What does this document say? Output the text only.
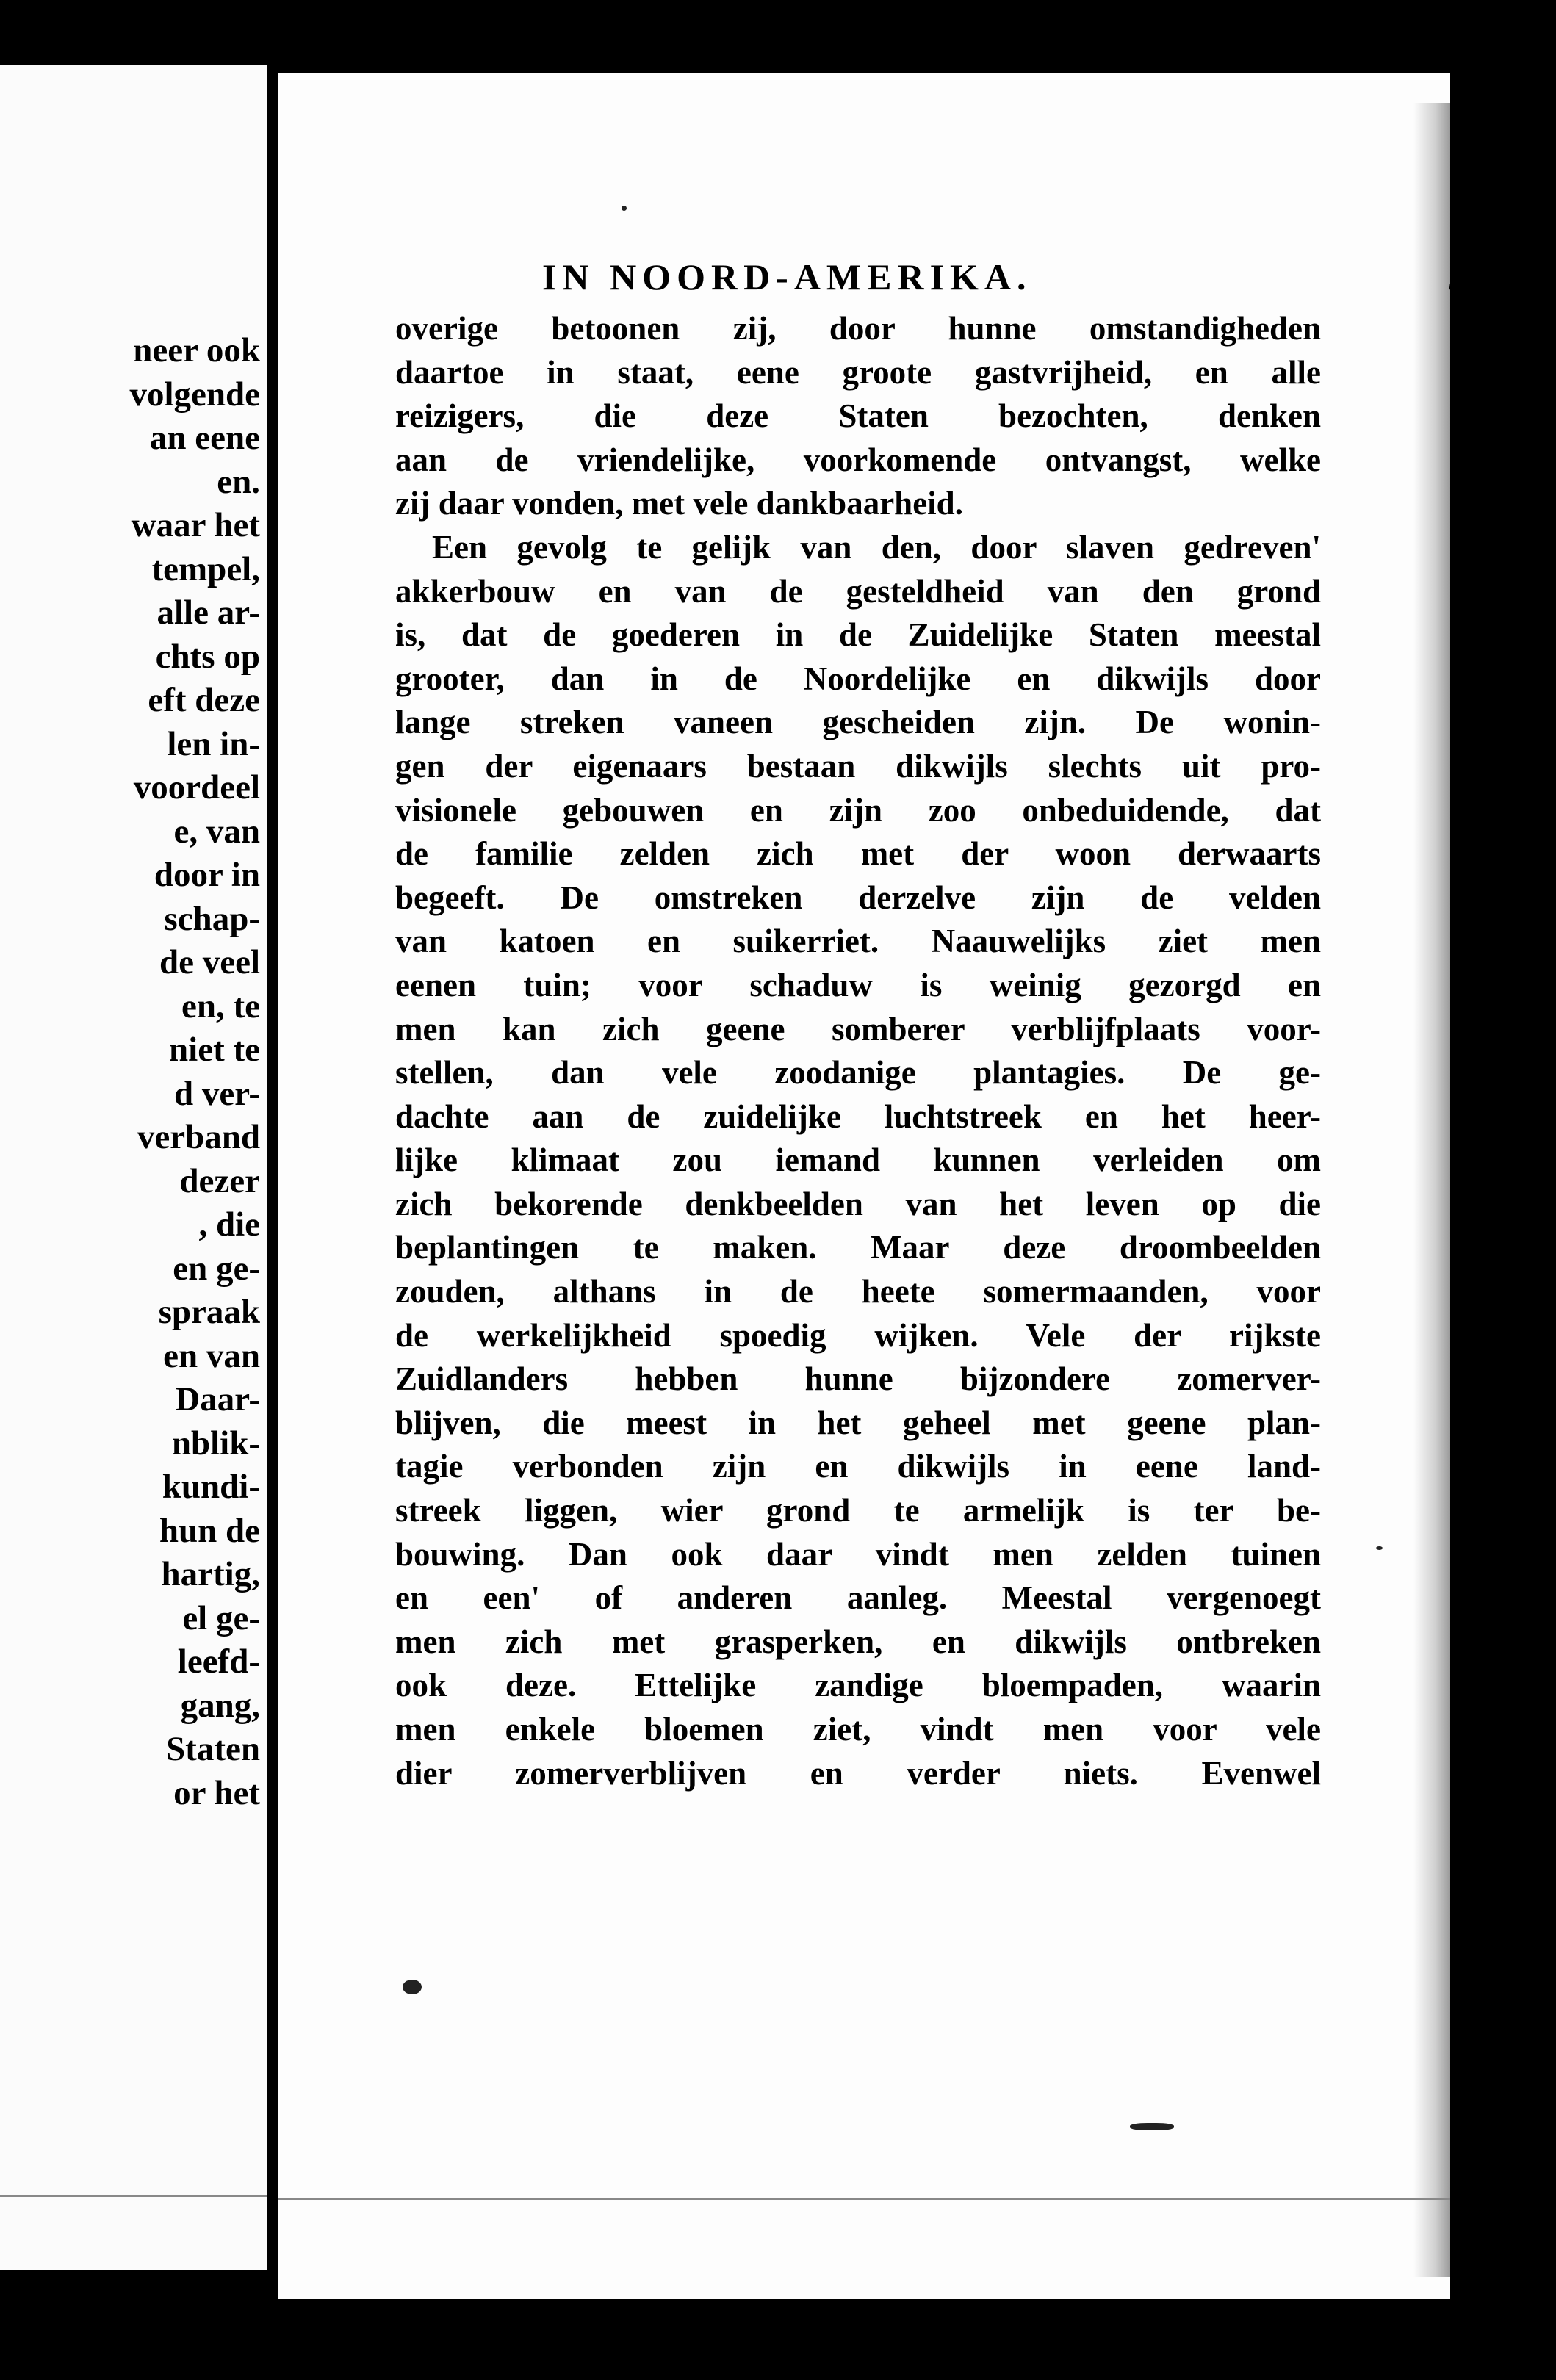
neer ook
volgende
an eene
en.
waar het
tempel,
alle ar-
chts op
eft deze
len in-
voordeel
e, van
door in
schap-
de veel
en, te
niet te
d ver-
verband
dezer
, die
en ge-
spraak
en van
Daar-
nblik-
kundi-
hun de
hartig,
el ge-
leefd-
gang,
Staten
or het
IN NOORD-AMERIKA.	371
overige betoonen zij, door hunne omstandigheden
daartoe in staat, eene groote gastvrijheid, en alle
reizigers, die deze Staten bezochten, denken
aan de vriendelijke, voorkomende ontvangst, welke
zij daar vonden, met vele dankbaarheid.
Een gevolg te gelijk van den, door slaven gedreven'
akkerbouw en van de gesteldheid van den grond
is, dat de goederen in de Zuidelijke Staten meestal
grooter, dan in de Noordelijke en dikwijls door
lange streken vaneen gescheiden zijn. De wonin-
gen der eigenaars bestaan dikwijls slechts uit pro-
visionele gebouwen en zijn zoo onbeduidende, dat
de familie zelden zich met der woon derwaarts
begeeft. De omstreken derzelve zijn de velden
van katoen en suikerriet. Naauwelijks ziet men
eenen tuin; voor schaduw is weinig gezorgd en
men kan zich geene somberer verblijfplaats voor-
stellen, dan vele zoodanige plantagies. De ge-
dachte aan de zuidelijke luchtstreek en het heer-
lijke klimaat zou iemand kunnen verleiden om
zich bekorende denkbeelden van het leven op die
beplantingen te maken. Maar deze droombeelden
zouden, althans in de heete somermaanden, voor
de werkelijkheid spoedig wijken. Vele der rijkste
Zuidlanders hebben hunne bijzondere zomerver-
blijven, die meest in het geheel met geene plan-
tagie verbonden zijn en dikwijls in eene land-
streek liggen, wier grond te armelijk is ter be-
bouwing. Dan ook daar vindt men zelden tuinen
en een' of anderen aanleg. Meestal vergenoegt
men zich met grasperken, en dikwijls ontbreken
ook deze. Ettelijke zandige bloempaden, waarin
men enkele bloemen ziet, vindt men voor vele
dier zomerverblijven en verder niets. Evenwel
